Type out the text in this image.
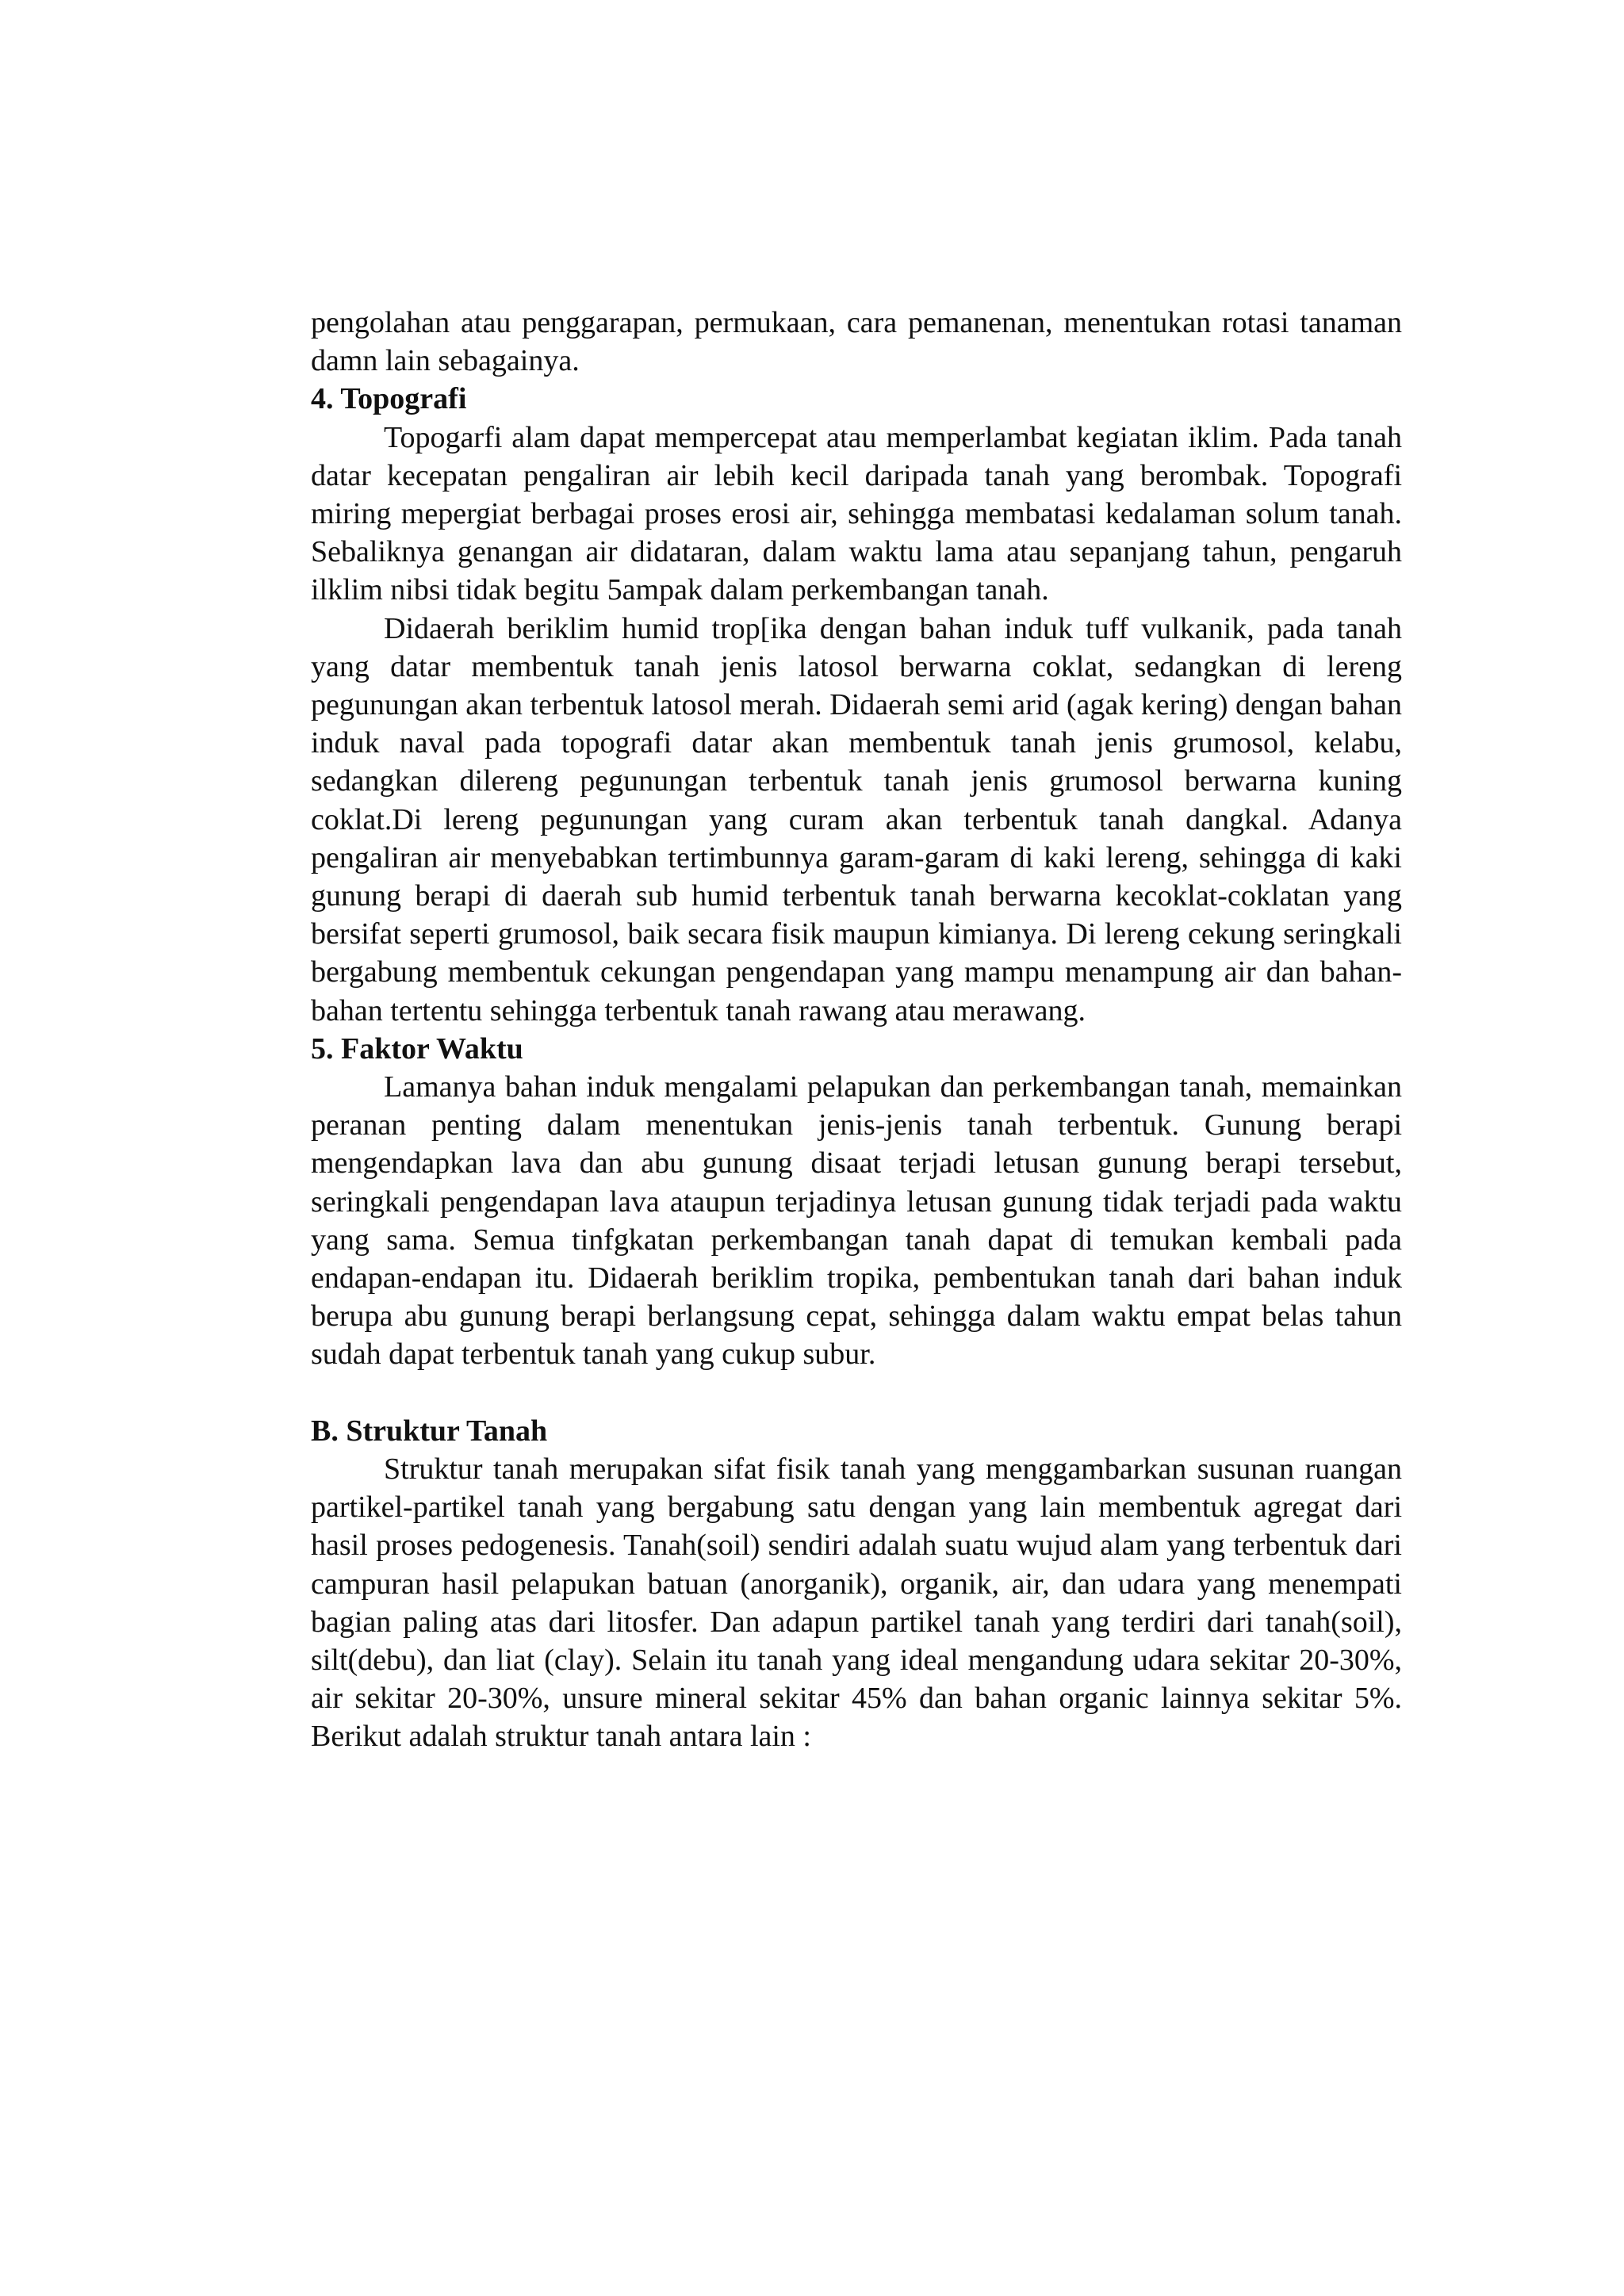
pengolahan atau penggarapan, permukaan, cara pemanenan, menentukan rotasi tanaman damn lain sebagainya.

4. Topografi

Topogarfi alam dapat mempercepat atau memperlambat kegiatan iklim. Pada tanah datar kecepatan pengaliran air lebih kecil daripada tanah yang berombak. Topografi miring mepergiat berbagai proses erosi air, sehingga membatasi kedalaman solum tanah. Sebaliknya genangan air didataran, dalam waktu lama atau sepanjang tahun, pengaruh ilklim nibsi tidak begitu 5ampak dalam perkembangan tanah.

Didaerah beriklim humid trop[ika dengan bahan induk tuff vulkanik, pada tanah yang datar membentuk tanah jenis latosol berwarna coklat, sedangkan di lereng pegunungan akan terbentuk latosol merah. Didaerah semi arid (agak kering) dengan bahan induk naval pada topografi datar akan membentuk tanah jenis grumosol, kelabu, sedangkan dilereng pegunungan terbentuk tanah jenis grumosol berwarna kuning coklat.Di lereng pegunungan yang curam akan terbentuk tanah dangkal. Adanya pengaliran air menyebabkan tertimbunnya garam-garam di kaki lereng, sehingga di kaki gunung berapi di daerah sub humid terbentuk tanah berwarna kecoklat-coklatan yang bersifat seperti grumosol, baik secara fisik maupun kimianya. Di lereng cekung seringkali bergabung membentuk cekungan pengendapan yang mampu menampung air dan bahan-bahan tertentu sehingga terbentuk tanah rawang atau merawang.

5. Faktor Waktu

Lamanya bahan induk mengalami pelapukan dan perkembangan tanah, memainkan peranan penting dalam menentukan jenis-jenis tanah terbentuk. Gunung berapi mengendapkan lava dan abu gunung disaat terjadi letusan gunung berapi tersebut, seringkali pengendapan lava ataupun terjadinya letusan gunung tidak terjadi pada waktu yang sama. Semua tinfgkatan perkembangan tanah dapat di temukan kembali pada endapan-endapan itu. Didaerah beriklim tropika, pembentukan tanah dari bahan induk berupa abu gunung berapi berlangsung cepat, sehingga dalam waktu empat belas tahun sudah dapat terbentuk tanah yang cukup subur.

B. Struktur Tanah

Struktur tanah merupakan sifat fisik tanah yang menggambarkan susunan ruangan partikel-partikel tanah yang bergabung satu dengan yang lain membentuk agregat dari hasil proses pedogenesis. Tanah(soil) sendiri adalah suatu wujud alam yang terbentuk dari campuran hasil pelapukan batuan (anorganik), organik, air, dan udara yang menempati bagian paling atas dari litosfer. Dan adapun partikel tanah yang terdiri dari tanah(soil), silt(debu), dan liat (clay). Selain itu tanah yang ideal mengandung udara sekitar 20-30%, air sekitar 20-30%, unsure mineral sekitar 45% dan bahan organic lainnya sekitar 5%. Berikut adalah struktur tanah antara lain :
